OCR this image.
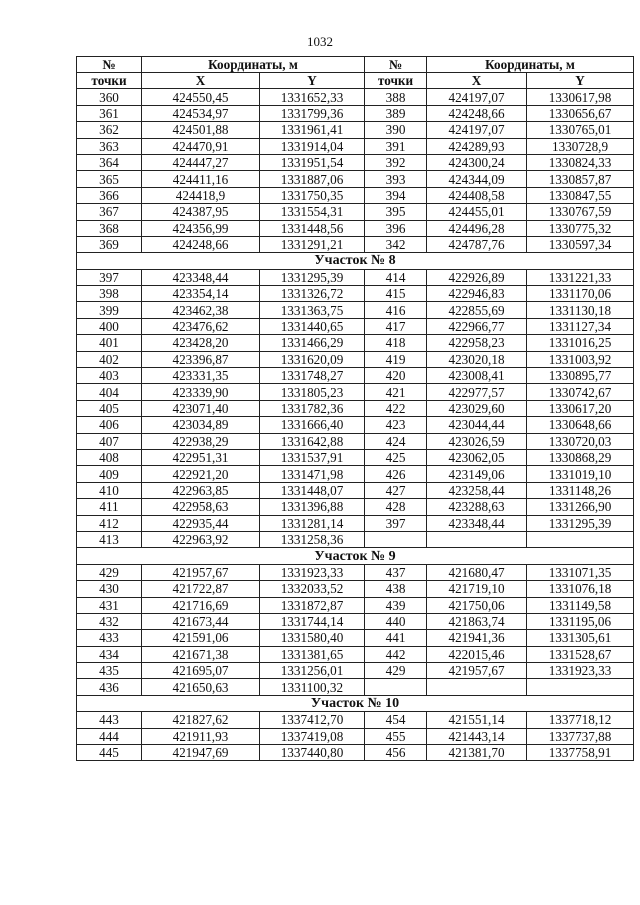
1032
№	Координаты, м		№	Координаты, м	
точки	X	Y	точки	X	Y
360	424550,45	1331652,33	388	424197,07	1330617,98
361	424534,97	1331799,36	389	424248,66	1330656,67
362	424501,88	1331961,41	390	424197,07	1330765,01
363	424470,91	1331914,04	391	424289,93	1330728,9
364	424447,27	1331951,54	392	424300,24	1330824,33
365	424411,16	1331887,06	393	424344,09	1330857,87
366	424418,9	1331750,35	394	424408,58	1330847,55
367	424387,95	1331554,31	395	424455,01	1330767,59
368	424356,99	1331448,56	396	424496,28	1330775,32
369	424248,66	1331291,21	342	424787,76	1330597,34
Участок № 8					
397	423348,44	1331295,39	414	422926,89	1331221,33
398	423354,14	1331326,72	415	422946,83	1331170,06
399	423462,38	1331363,75	416	422855,69	1331130,18
400	423476,62	1331440,65	417	422966,77	1331127,34
401	423428,20	1331466,29	418	422958,23	1331016,25
402	423396,87	1331620,09	419	423020,18	1331003,92
403	423331,35	1331748,27	420	423008,41	1330895,77
404	423339,90	1331805,23	421	422977,57	1330742,67
405	423071,40	1331782,36	422	423029,60	1330617,20
406	423034,89	1331666,40	423	423044,44	1330648,66
407	422938,29	1331642,88	424	423026,59	1330720,03
408	422951,31	1331537,91	425	423062,05	1330868,29
409	422921,20	1331471,98	426	423149,06	1331019,10
410	422963,85	1331448,07	427	423258,44	1331148,26
411	422958,63	1331396,88	428	423288,63	1331266,90
412	422935,44	1331281,14	397	423348,44	1331295,39
413	422963,92	1331258,36			
Участок № 9					
429	421957,67	1331923,33	437	421680,47	1331071,35
430	421722,87	1332033,52	438	421719,10	1331076,18
431	421716,69	1331872,87	439	421750,06	1331149,58
432	421673,44	1331744,14	440	421863,74	1331195,06
433	421591,06	1331580,40	441	421941,36	1331305,61
434	421671,38	1331381,65	442	422015,46	1331528,67
435	421695,07	1331256,01	429	421957,67	1331923,33
436	421650,63	1331100,32			
Участок № 10					
443	421827,62	1337412,70	454	421551,14	1337718,12
444	421911,93	1337419,08	455	421443,14	1337737,88
445	421947,69	1337440,80	456	421381,70	1337758,91
